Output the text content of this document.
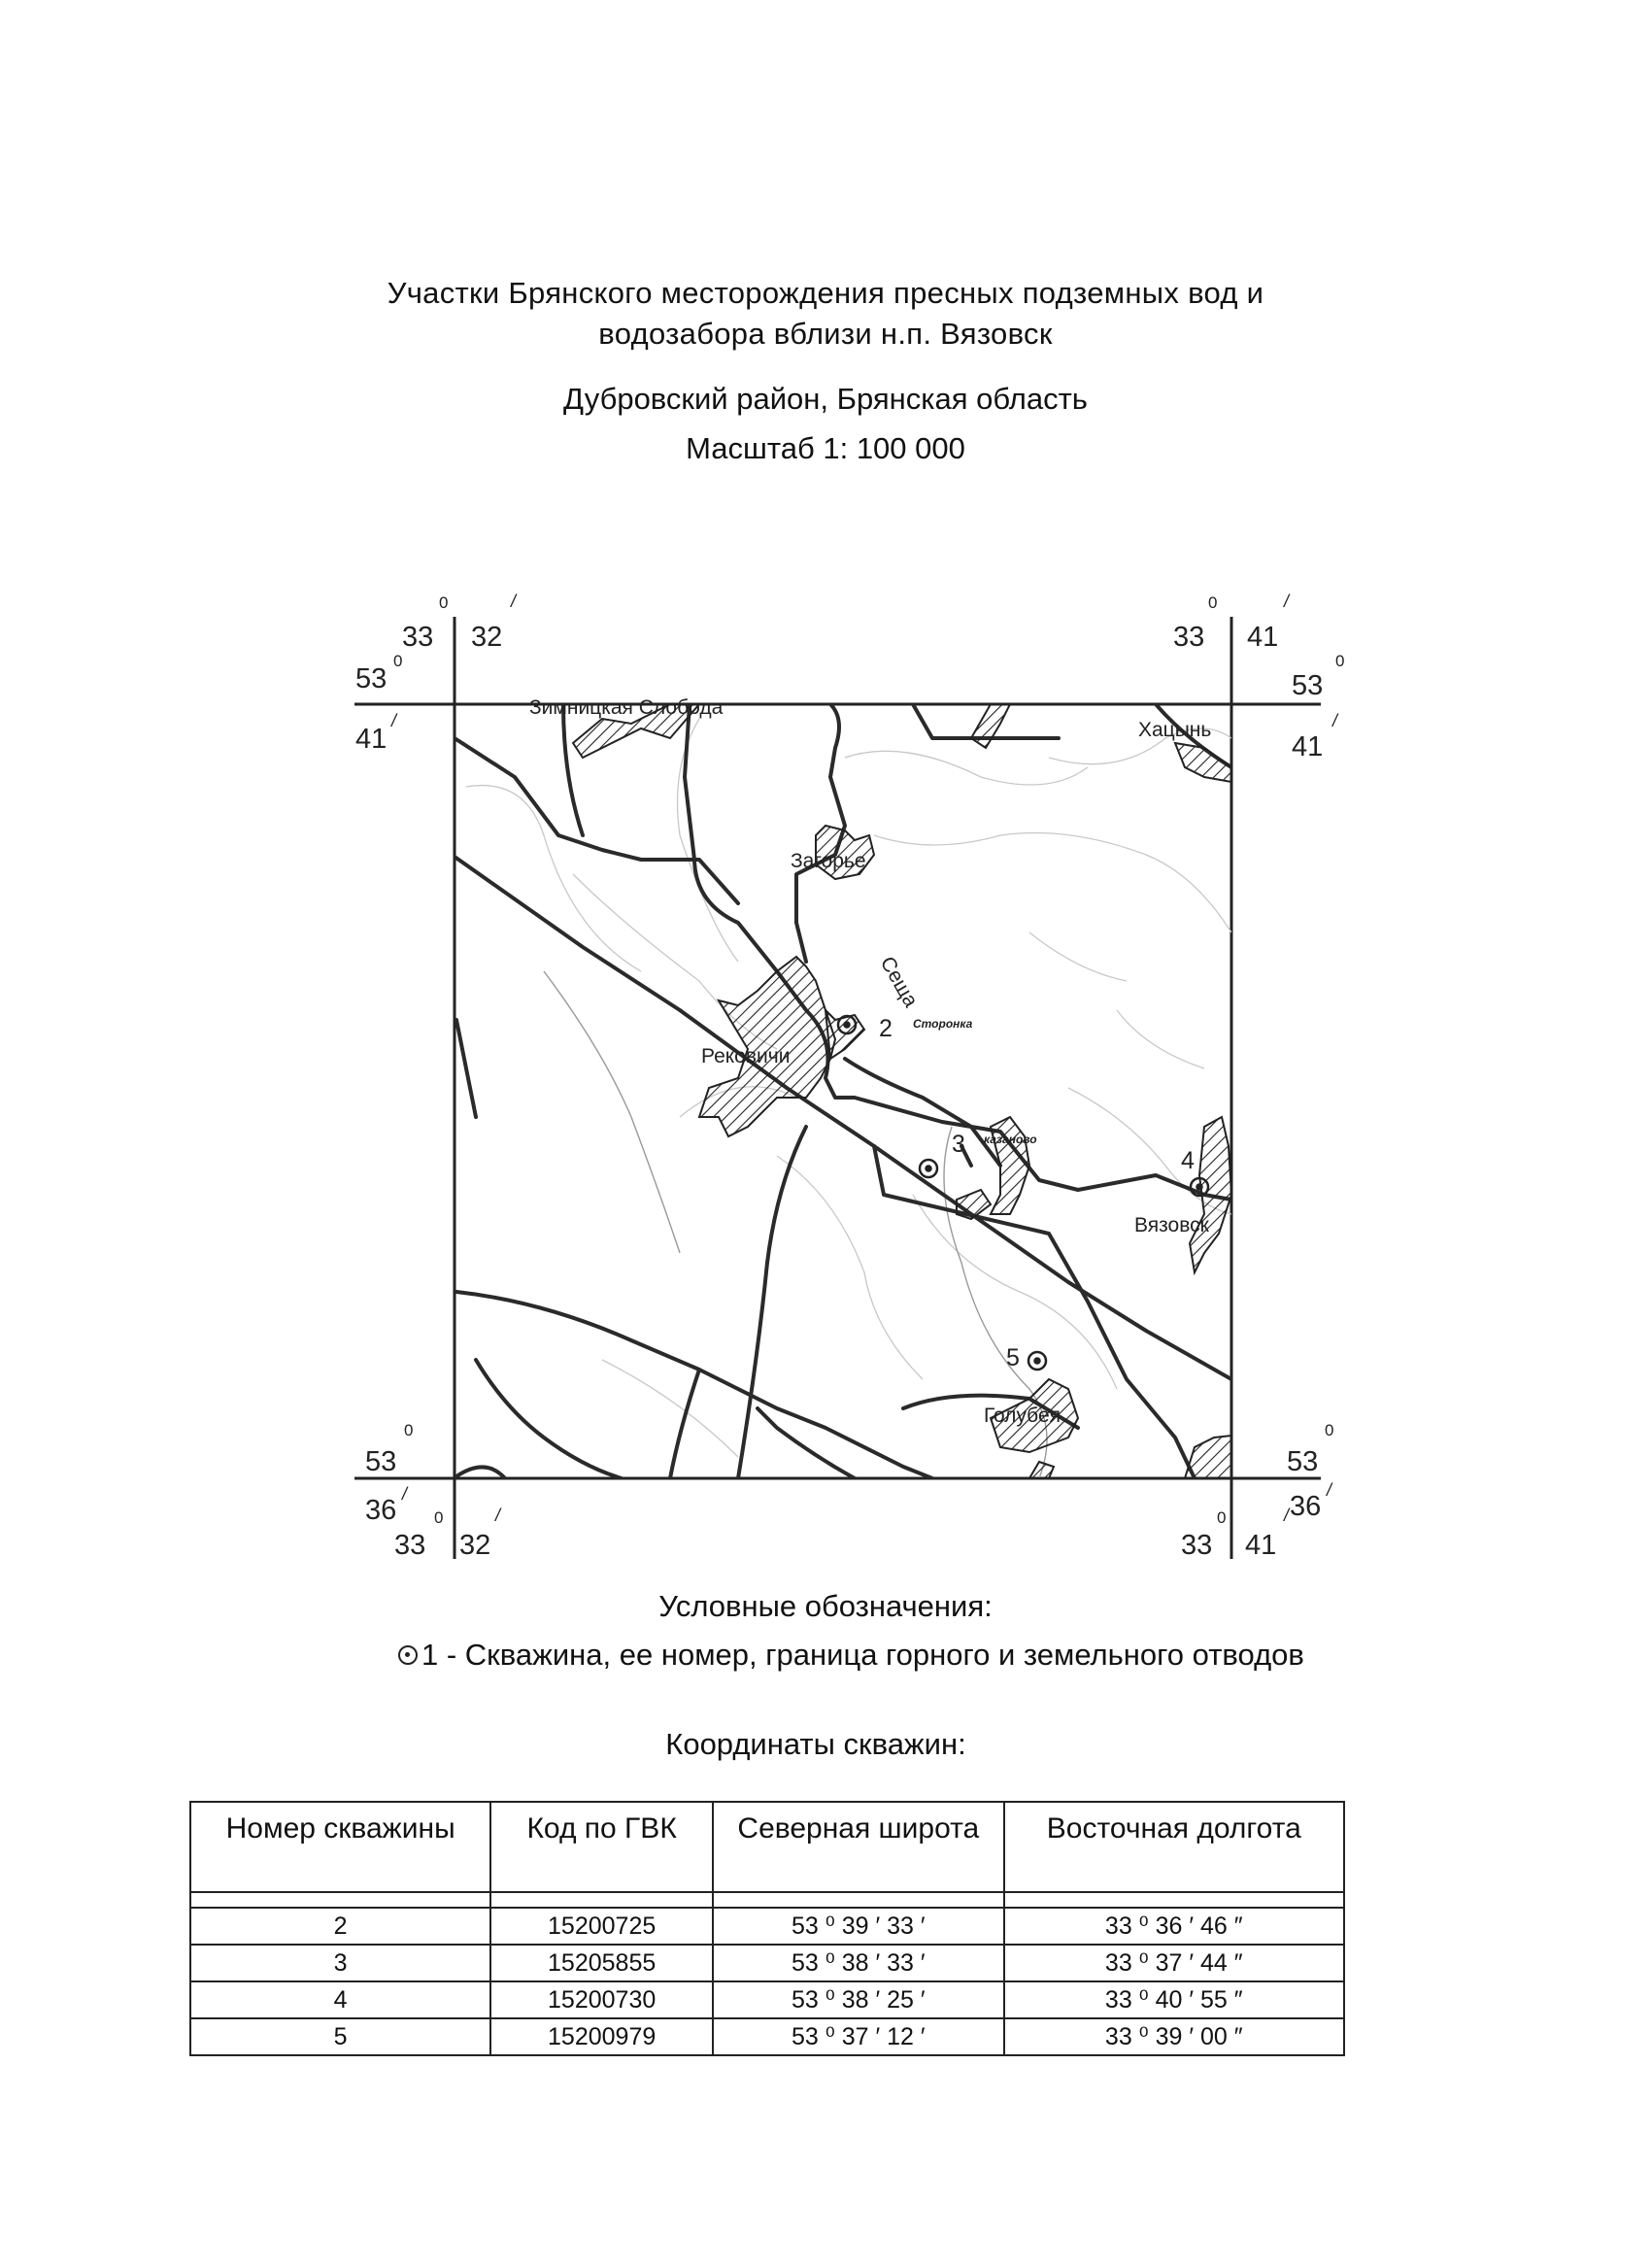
Участки Брянского месторождения пресных подземных вод и
водозабора вблизи н.п. Вязовск
Дубровский район, Брянская область
Масштаб 1: 100 000
Зимницкая Слобода
Хацынь
Загорье
Сеща
Сторонка
Рековичи
казаново
Вязовск
Голубея
2
3
4
5
33
0
32
/
53
0
41
/
33
0
41
/
53
0
41
/
53
0
36
/
33
0
32
/
53
0
36
/
33
0
41
/
Условные обозначения:
1 - Скважина, ее номер, граница горного и земельного отводов
Координаты скважин:
Номер скважины	Код по ГВК	Северная широта	Восточная долгота

2	15200725	53 ⁰ 39 ′ 33 ′	33 ⁰ 36 ′ 46 ″
3	15205855	53 ⁰ 38 ′ 33 ′	33 ⁰ 37 ′ 44 ″
4	15200730	53 ⁰ 38 ′ 25 ′	33 ⁰ 40 ′ 55 ″
5	15200979	53 ⁰ 37 ′ 12 ′	33 ⁰ 39 ′ 00 ″
